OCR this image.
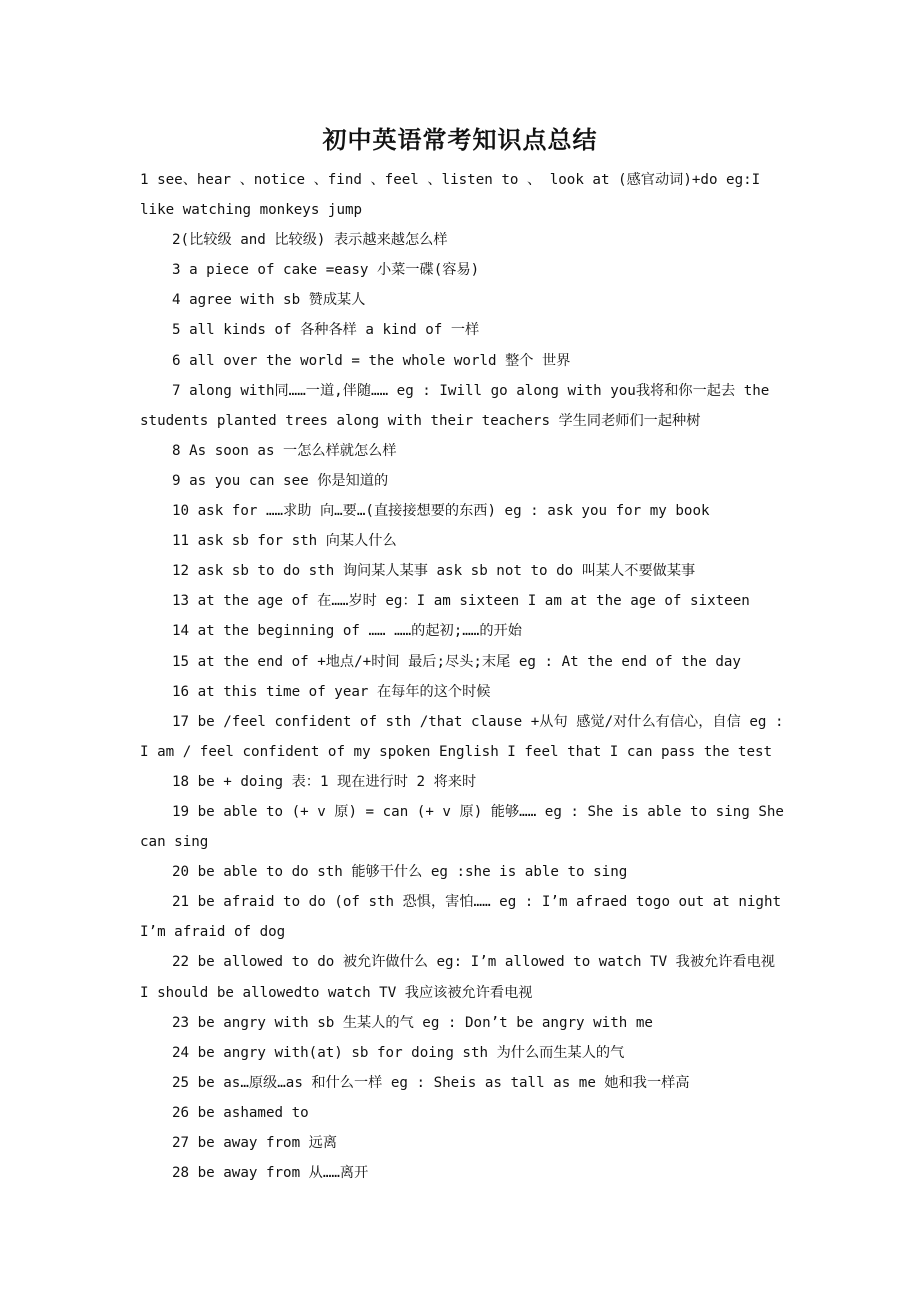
初中英语常考知识点总结

1 see、hear 、notice 、find 、feel 、listen to 、 look at (感官动词)+do eg:I like watching monkeys jump

2(比较级 and 比较级) 表示越来越怎么样

3 a piece of cake =easy 小菜一碟(容易)

4 agree with sb 赞成某人

5 all kinds of 各种各样 a kind of 一样

6 all over the world = the whole world 整个 世界

7 along with同……一道,伴随…… eg : Iwill go along with you我将和你一起去 the students planted trees along with their teachers 学生同老师们一起种树

8 As soon as 一怎么样就怎么样

9 as you can see 你是知道的

10 ask for ……求助 向…要…(直接接想要的东西) eg : ask you for my book

11 ask sb for sth 向某人什么

12 ask sb to do sth 询问某人某事 ask sb not to do 叫某人不要做某事

13 at the age of 在……岁时 eg：I am sixteen I am at the age of sixteen

14 at the beginning of …… ……的起初;……的开始

15 at the end of +地点/+时间 最后;尽头;末尾 eg : At the end of the day

16 at this time of year 在每年的这个时候

17 be /feel confident of sth /that clause +从句 感觉/对什么有信心，自信 eg : I am / feel confident of my spoken English I feel that I can pass the test

18 be + doing 表：1 现在进行时 2 将来时

19 be able to (+ v 原) = can (+ v 原) 能够…… eg : She is able to sing She can sing

20 be able to do sth 能够干什么 eg :she is able to sing

21 be afraid to do (of sth 恐惧，害怕…… eg : I’m afraed togo out at night I’m afraid of dog

22 be allowed to do 被允许做什么 eg: I’m allowed to watch TV 我被允许看电视 I should be allowedto watch TV 我应该被允许看电视

23 be angry with sb 生某人的气 eg : Don’t be angry with me

24 be angry with(at) sb for doing sth 为什么而生某人的气

25 be as…原级…as 和什么一样 eg : Sheis as tall as me 她和我一样高

26 be ashamed to

27 be away from 远离

28 be away from 从……离开
